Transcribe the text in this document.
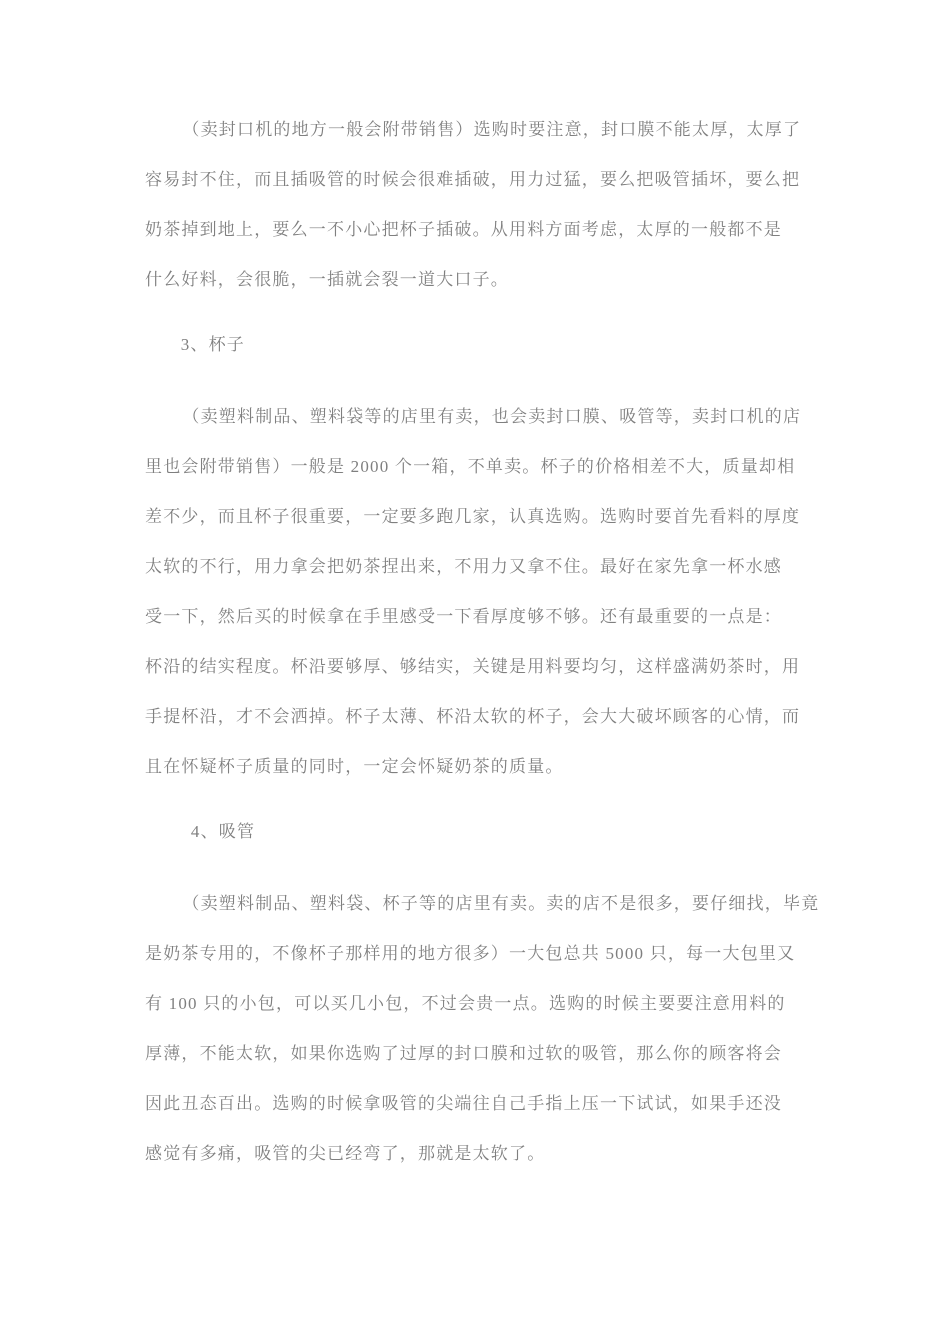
（卖封口机的地方一般会附带销售）选购时要注意，封口膜不能太厚，太厚了
容易封不住，而且插吸管的时候会很难插破，用力过猛，要么把吸管插坏，要么把
奶茶掉到地上，要么一不小心把杯子插破。从用料方面考虑，太厚的一般都不是
什么好料，会很脆，一插就会裂一道大口子。
3、杯子
（卖塑料制品、塑料袋等的店里有卖，也会卖封口膜、吸管等，卖封口机的店
里也会附带销售）一般是 2000 个一箱，不单卖。杯子的价格相差不大，质量却相
差不少，而且杯子很重要，一定要多跑几家，认真选购。选购时要首先看料的厚度
太软的不行，用力拿会把奶茶捏出来，不用力又拿不住。最好在家先拿一杯水感
受一下，然后买的时候拿在手里感受一下看厚度够不够。还有最重要的一点是：
杯沿的结实程度。杯沿要够厚、够结实，关键是用料要均匀，这样盛满奶茶时，用
手提杯沿，才不会洒掉。杯子太薄、杯沿太软的杯子，会大大破坏顾客的心情，而
且在怀疑杯子质量的同时，一定会怀疑奶茶的质量。
4、吸管
（卖塑料制品、塑料袋、杯子等的店里有卖。卖的店不是很多，要仔细找，毕竟
是奶茶专用的，不像杯子那样用的地方很多）一大包总共 5000 只，每一大包里又
有 100 只的小包，可以买几小包，不过会贵一点。选购的时候主要要注意用料的
厚薄，不能太软，如果你选购了过厚的封口膜和过软的吸管，那么你的顾客将会
因此丑态百出。选购的时候拿吸管的尖端往自己手指上压一下试试，如果手还没
感觉有多痛，吸管的尖已经弯了，那就是太软了。
